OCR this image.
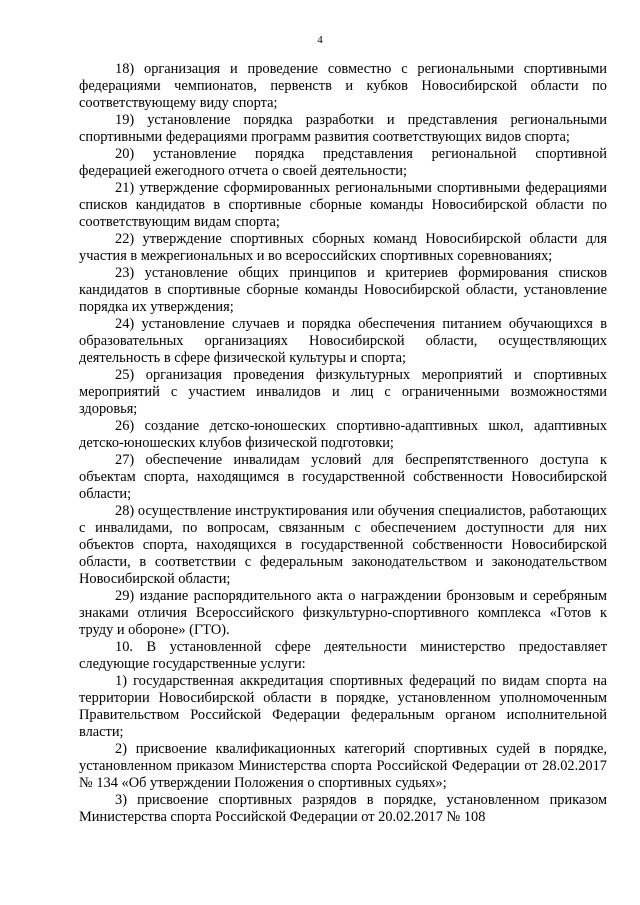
4

18) организация и проведение совместно с региональными спортивными федерациями чемпионатов, первенств и кубков Новосибирской области по соответствующему виду спорта;

19) установление порядка разработки и представления региональными спортивными федерациями программ развития соответствующих видов спорта;

20) установление порядка представления региональной спортивной федерацией ежегодного отчета о своей деятельности;

21) утверждение сформированных региональными спортивными федерациями списков кандидатов в спортивные сборные команды Новосибирской области по соответствующим видам спорта;

22) утверждение спортивных сборных команд Новосибирской области для участия в межрегиональных и во всероссийских спортивных соревнованиях;

23) установление общих принципов и критериев формирования списков кандидатов в спортивные сборные команды Новосибирской области, установление порядка их утверждения;

24) установление случаев и порядка обеспечения питанием обучающихся в образовательных организациях Новосибирской области, осуществляющих деятельность в сфере физической культуры и спорта;

25) организация проведения физкультурных мероприятий и спортивных мероприятий с участием инвалидов и лиц с ограниченными возможностями здоровья;

26) создание детско-юношеских спортивно-адаптивных школ, адаптивных детско-юношеских клубов физической подготовки;

27) обеспечение инвалидам условий для беспрепятственного доступа к объектам спорта, находящимся в государственной собственности Новосибирской области;

28) осуществление инструктирования или обучения специалистов, работающих с инвалидами, по вопросам, связанным с обеспечением доступности для них объектов спорта, находящихся в государственной собственности Новосибирской области, в соответствии с федеральным законодательством и законодательством Новосибирской области;

29) издание распорядительного акта о награждении бронзовым и серебряным знаками отличия Всероссийского физкультурно-спортивного комплекса «Готов к труду и обороне» (ГТО).

10. В установленной сфере деятельности министерство предоставляет следующие государственные услуги:

1) государственная аккредитация спортивных федераций по видам спорта на территории Новосибирской области в порядке, установленном уполномоченным Правительством Российской Федерации федеральным органом исполнительной власти;

2) присвоение квалификационных категорий спортивных судей в порядке, установленном приказом Министерства спорта Российской Федерации от 28.02.2017 № 134 «Об утверждении Положения о спортивных судьях»;

3) присвоение спортивных разрядов в порядке, установленном приказом Министерства спорта Российской Федерации от 20.02.2017 № 108
